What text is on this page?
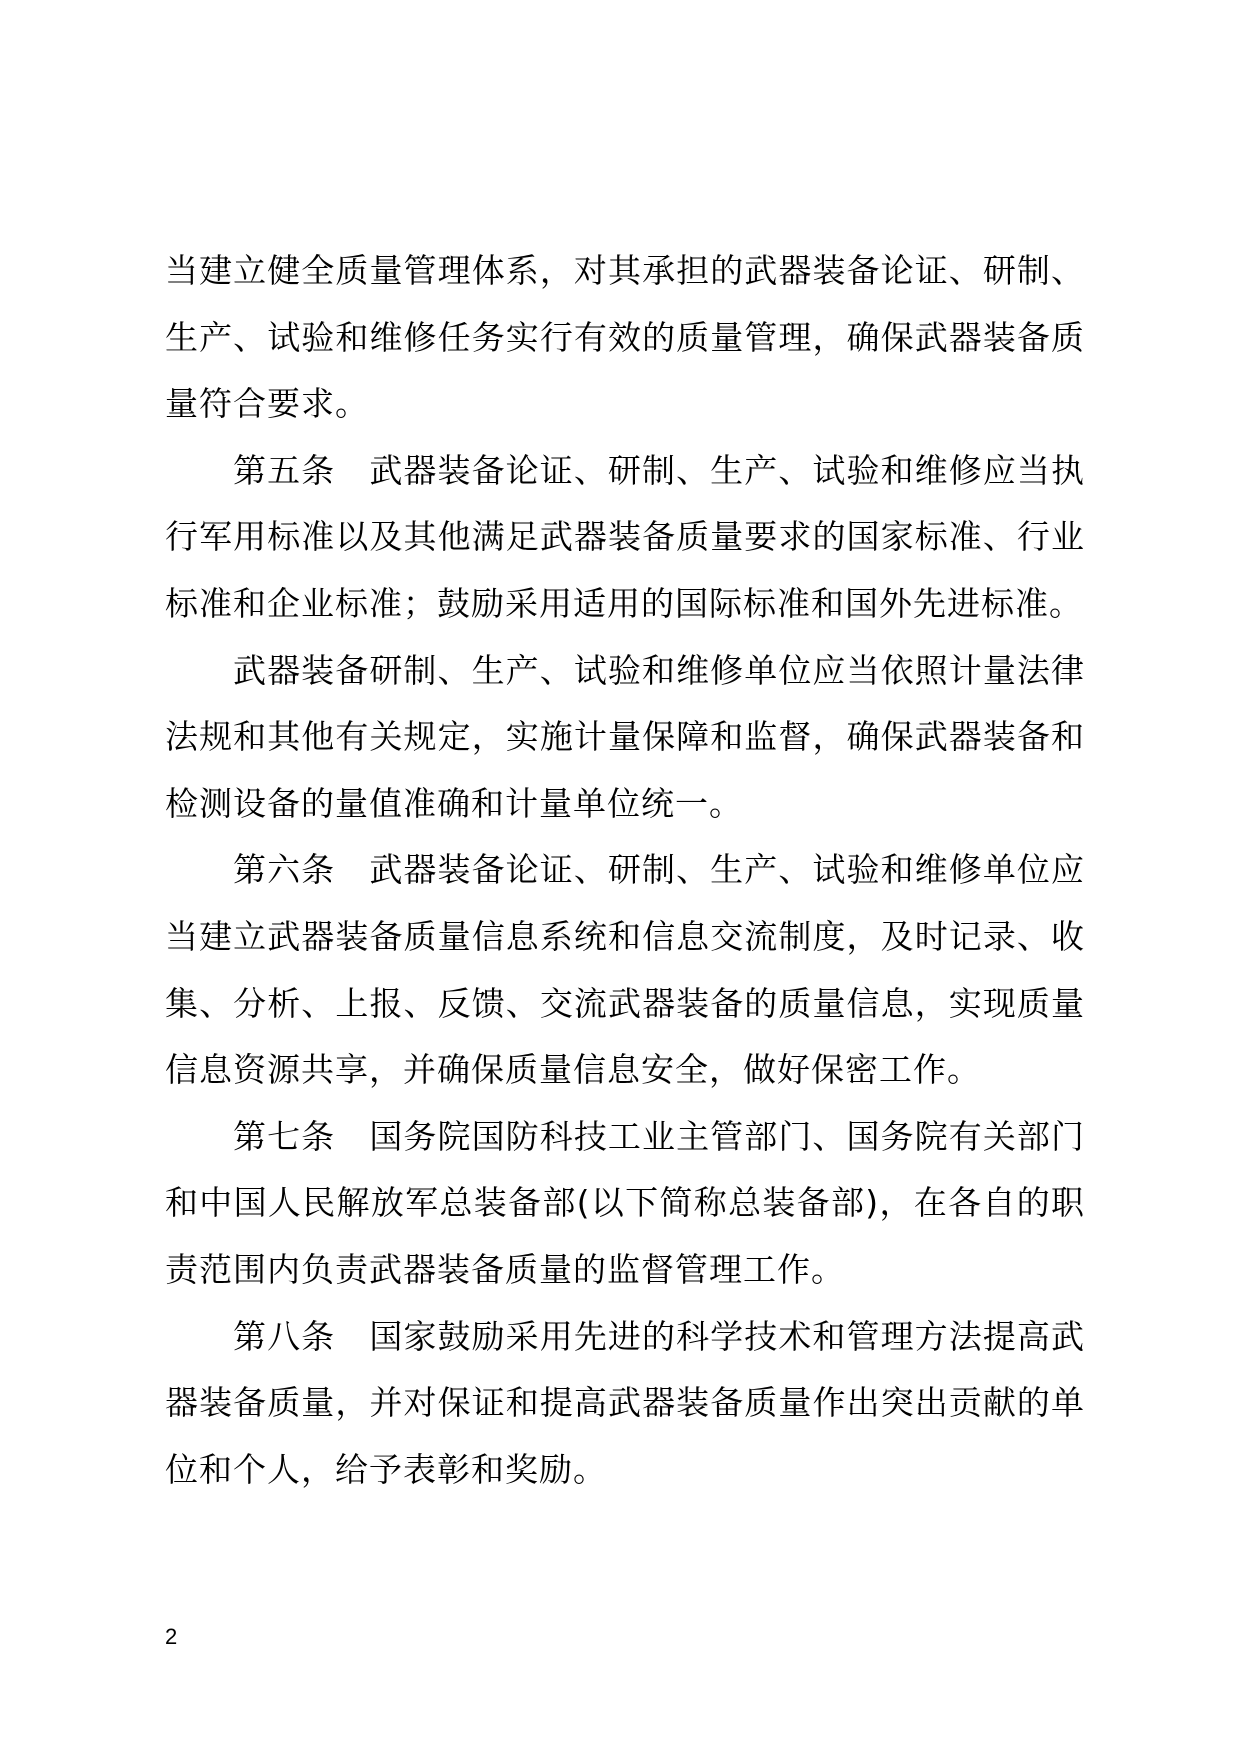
当建立健全质量管理体系，对其承担的武器装备论证、研制、生产、试验和维修任务实行有效的质量管理，确保武器装备质量符合要求。

第五条　武器装备论证、研制、生产、试验和维修应当执行军用标准以及其他满足武器装备质量要求的国家标准、行业标准和企业标准；鼓励采用适用的国际标准和国外先进标准。

武器装备研制、生产、试验和维修单位应当依照计量法律法规和其他有关规定，实施计量保障和监督，确保武器装备和检测设备的量值准确和计量单位统一。

第六条　武器装备论证、研制、生产、试验和维修单位应当建立武器装备质量信息系统和信息交流制度，及时记录、收集、分析、上报、反馈、交流武器装备的质量信息，实现质量信息资源共享，并确保质量信息安全，做好保密工作。

第七条　国务院国防科技工业主管部门、国务院有关部门和中国人民解放军总装备部(以下简称总装备部)，在各自的职责范围内负责武器装备质量的监督管理工作。

第八条　国家鼓励采用先进的科学技术和管理方法提高武器装备质量，并对保证和提高武器装备质量作出突出贡献的单位和个人，给予表彰和奖励。

2
